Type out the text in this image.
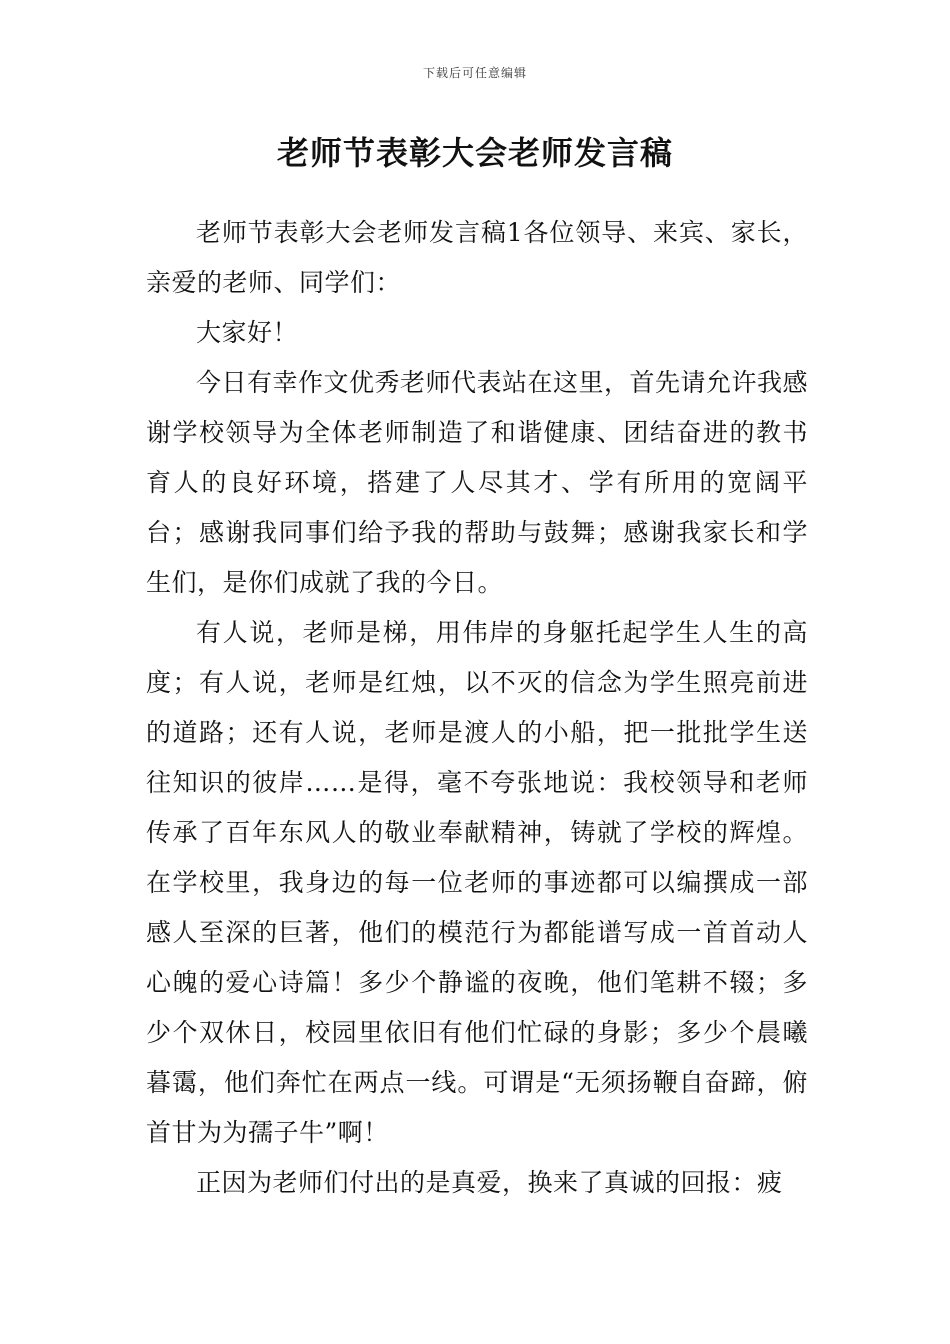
下载后可任意编辑
老师节表彰大会老师发言稿

老师节表彰大会老师发言稿1各位领导、来宾、家长，亲爱的老师、同学们：

大家好！

今日有幸作文优秀老师代表站在这里，首先请允许我感谢学校领导为全体老师制造了和谐健康、团结奋进的教书育人的良好环境，搭建了人尽其才、学有所用的宽阔平台；感谢我同事们给予我的帮助与鼓舞；感谢我家长和学生们，是你们成就了我的今日。

有人说，老师是梯，用伟岸的身躯托起学生人生的高度；有人说，老师是红烛，以不灭的信念为学生照亮前进的道路；还有人说，老师是渡人的小船，把一批批学生送往知识的彼岸……是得，毫不夸张地说：我校领导和老师传承了百年东风人的敬业奉献精神，铸就了学校的辉煌。在学校里，我身边的每一位老师的事迹都可以编撰成一部感人至深的巨著，他们的模范行为都能谱写成一首首动人心魄的爱心诗篇！多少个静谧的夜晚，他们笔耕不辍；多少个双休日，校园里依旧有他们忙碌的身影；多少个晨曦暮霭，他们奔忙在两点一线。可谓是“无须扬鞭自奋蹄，俯首甘为为孺子牛”啊！

正因为老师们付出的是真爱，换来了真诚的回报：疲
